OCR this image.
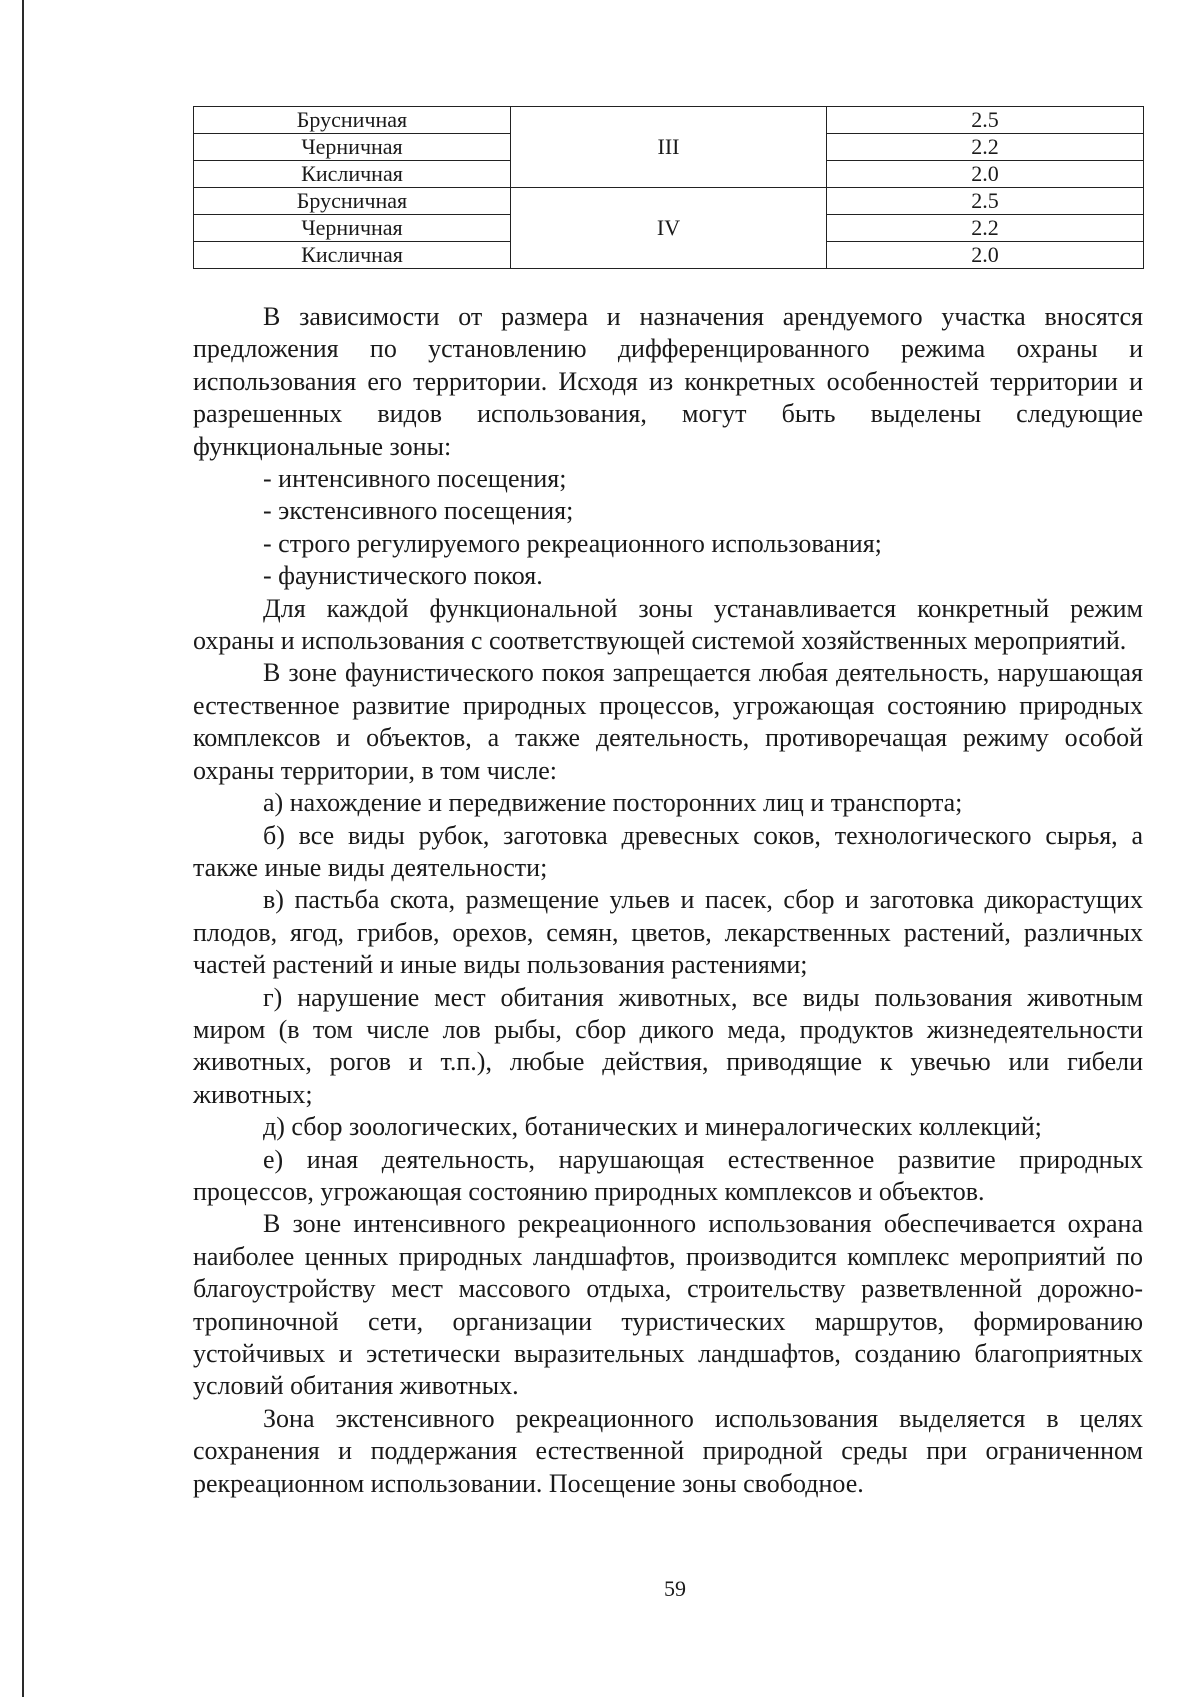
Брусничная	III	2.5
Черничная		2.2
Кисличная		2.0
Брусничная	IV	2.5
Черничная		2.2
Кисличная		2.0

В зависимости от размера и назначения арендуемого участка вносятся предложения по установлению дифференцированного режима охраны и использования его территории. Исходя из конкретных особенностей территории и разрешенных видов использования, могут быть выделены следующие функциональные зоны:

- интенсивного посещения;

- экстенсивного посещения;

- строго регулируемого рекреационного использования;

- фаунистического покоя.

Для каждой функциональной зоны устанавливается конкретный режим охраны и использования с соответствующей системой хозяйственных мероприятий.

В зоне фаунистического покоя запрещается любая деятельность, нарушающая естественное развитие природных процессов, угрожающая состоянию природных комплексов и объектов, а также деятельность, противоречащая режиму особой охраны территории, в том числе:

а) нахождение и передвижение посторонних лиц и транспорта;

б) все виды рубок, заготовка древесных соков, технологического сырья, а также иные виды деятельности;

в) пастьба скота, размещение ульев и пасек, сбор и заготовка дикорастущих плодов, ягод, грибов, орехов, семян, цветов, лекарственных растений, различных частей растений и иные виды пользования растениями;

г) нарушение мест обитания животных, все виды пользования животным миром (в том числе лов рыбы, сбор дикого меда, продуктов жизнедеятельности животных, рогов и т.п.), любые действия, приводящие к увечью или гибели животных;

д) сбор зоологических, ботанических и минералогических коллекций;

е) иная деятельность, нарушающая естественное развитие природных процессов, угрожающая состоянию природных комплексов и объектов.

В зоне интенсивного рекреационного использования обеспечивается охрана наиболее ценных природных ландшафтов, производится комплекс мероприятий по благоустройству мест массового отдыха, строительству разветвленной дорожно-тропиночной сети, организации туристических маршрутов, формированию устойчивых и эстетически выразительных ландшафтов, созданию благоприятных условий обитания животных.

Зона экстенсивного рекреационного использования выделяется в целях сохранения и поддержания естественной природной среды при ограниченном рекреационном использовании. Посещение зоны свободное.

59
